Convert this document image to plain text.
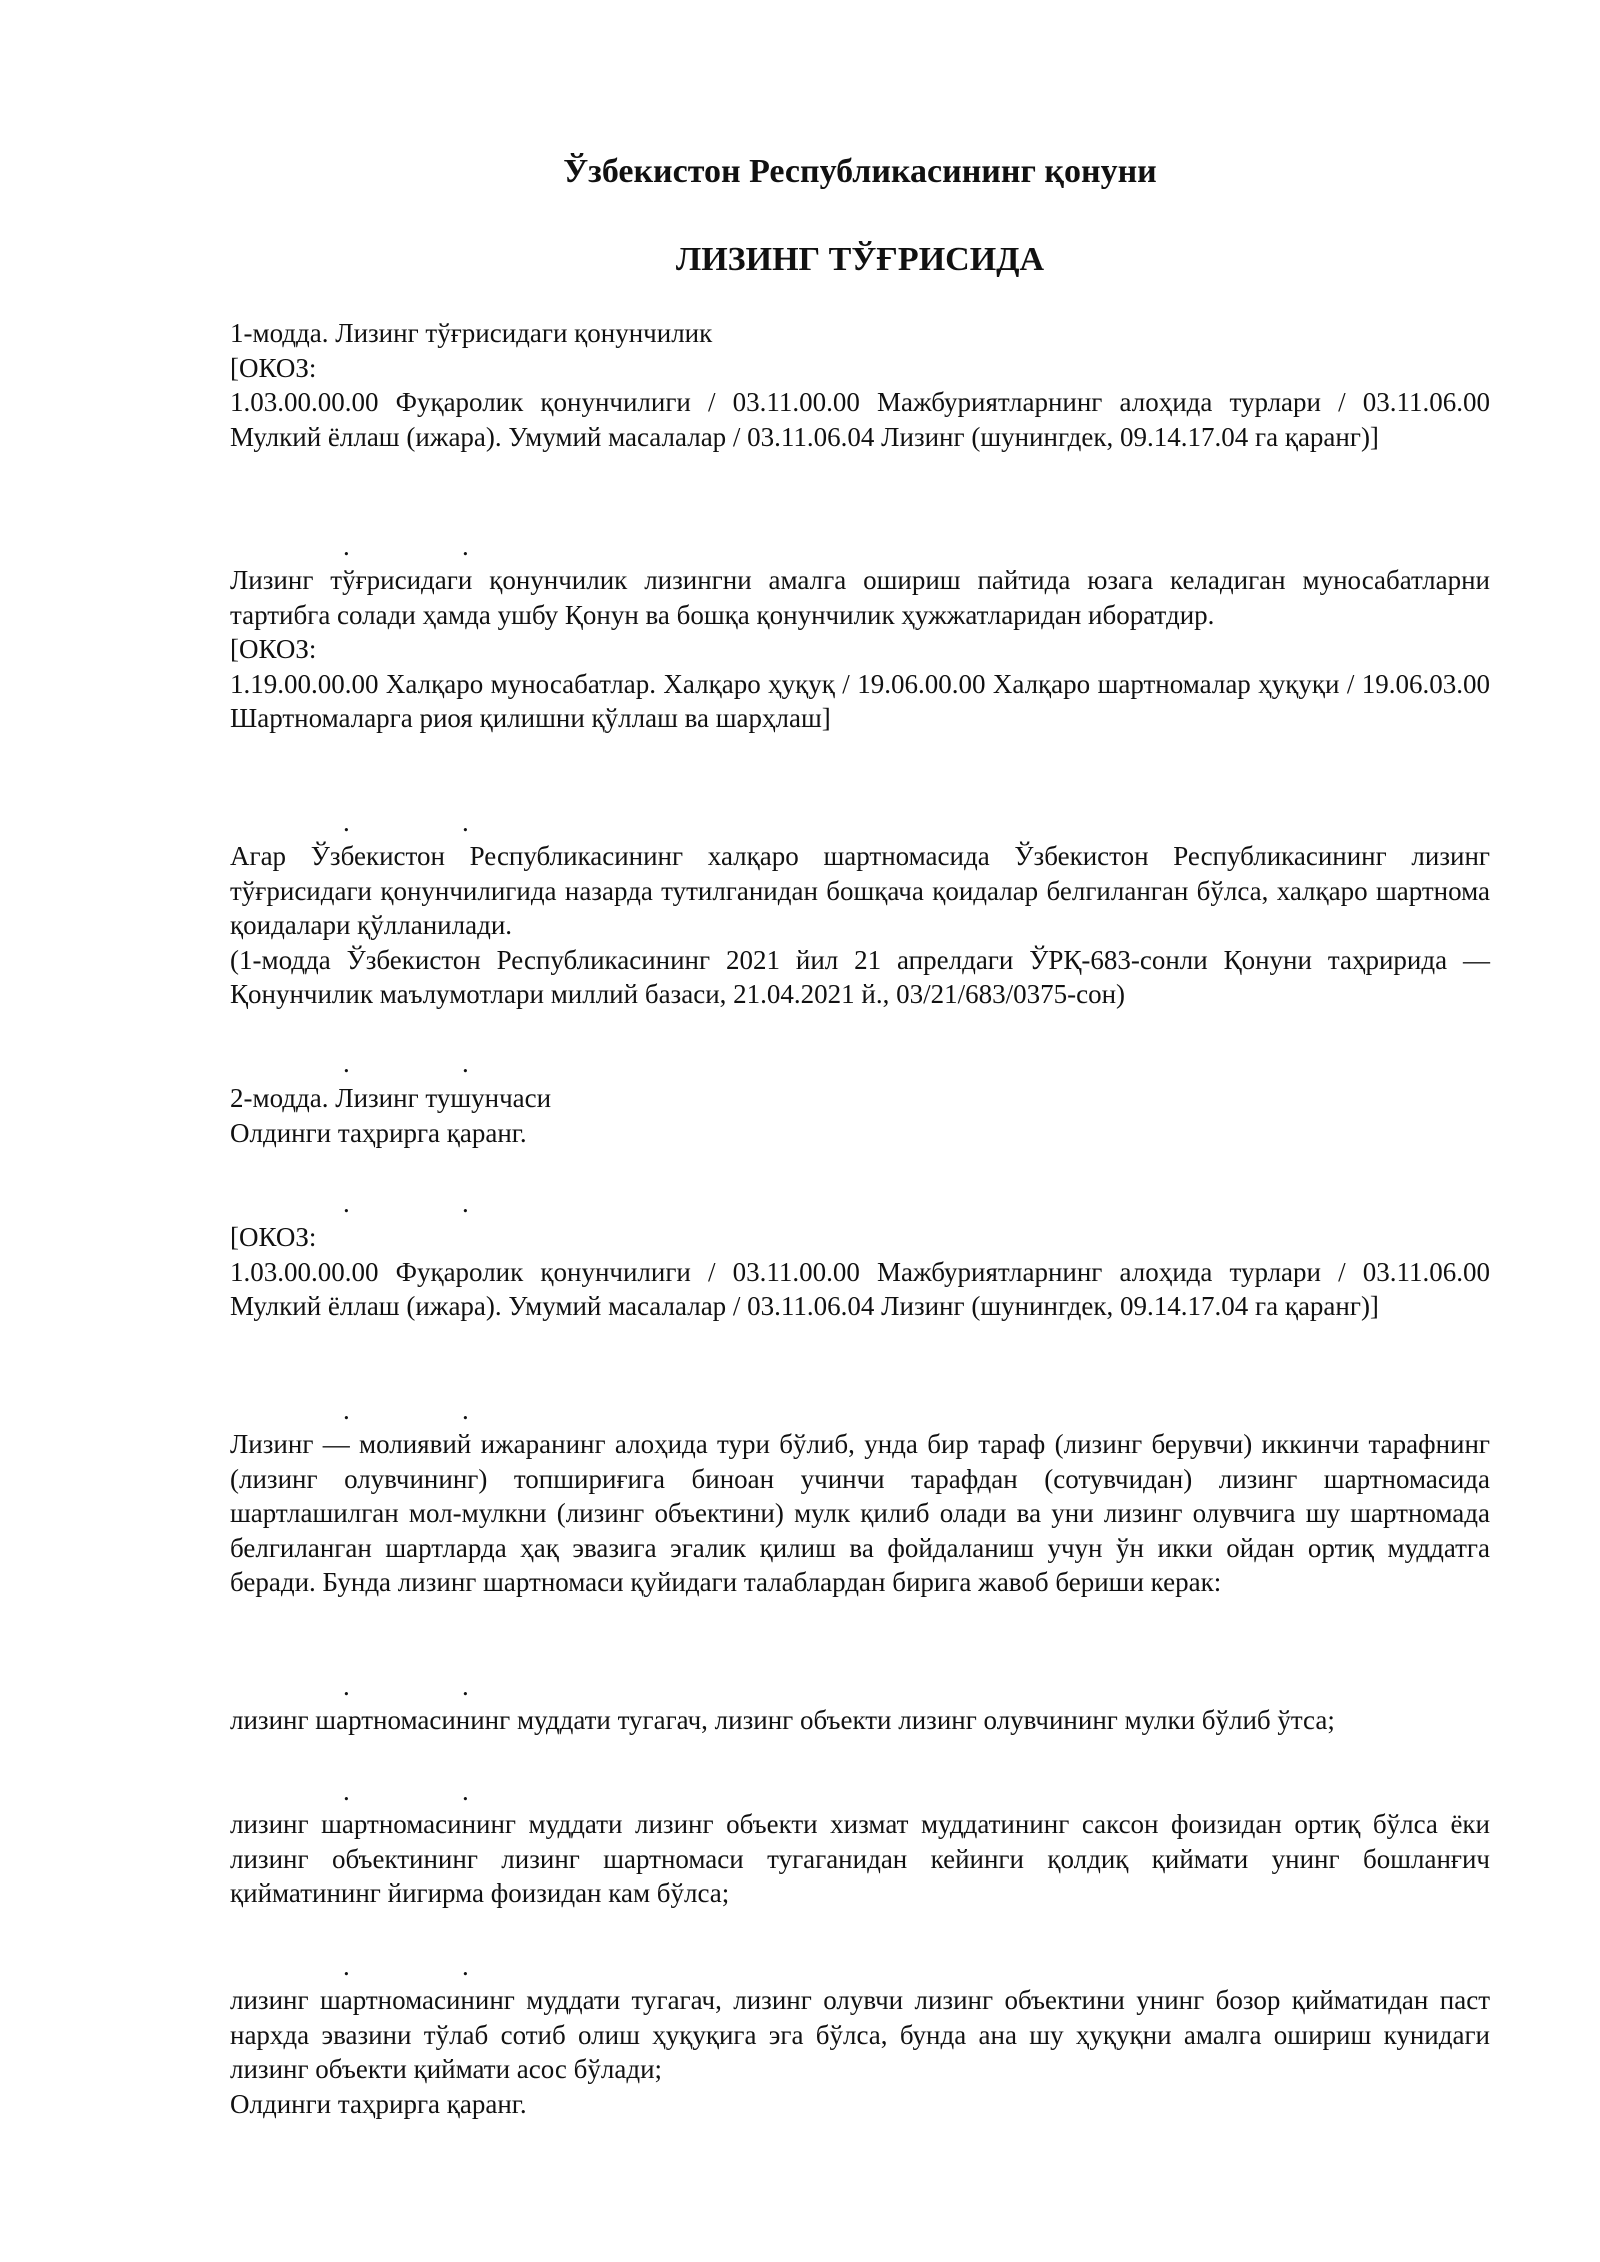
Ўзбекистон Республикасининг қонуни
ЛИЗИНГ ТЎҒРИСИДА

1-модда. Лизинг тўғрисидаги қонунчилик

[ОКОЗ:

1.03.00.00.00 Фуқаролик қонунчилиги / 03.11.00.00 Мажбуриятларнинг алоҳида турлари / 03.11.06.00 Мулкий ёллаш (ижара). Умумий масалалар / 03.11.06.04 Лизинг (шунингдек, 09.14.17.04 га қаранг)]

.	.

Лизинг тўғрисидаги қонунчилик лизингни амалга ошириш пайтида юзага келадиган муносабатларни тартибга солади ҳамда ушбу Қонун ва бошқа қонунчилик ҳужжатларидан иборатдир.

[ОКОЗ:

1.19.00.00.00 Халқаро муносабатлар. Халқаро ҳуқуқ / 19.06.00.00 Халқаро шартномалар ҳуқуқи / 19.06.03.00 Шартномаларга риоя қилишни қўллаш ва шарҳлаш]

.	.

Агар Ўзбекистон Республикасининг халқаро шартномасида Ўзбекистон Республикасининг лизинг тўғрисидаги қонунчилигида назарда тутилганидан бошқача қоидалар белгиланган бўлса, халқаро шартнома қоидалари қўлланилади.

(1-модда Ўзбекистон Республикасининг 2021 йил 21 апрелдаги ЎРҚ-683-сонли Қонуни таҳририда — Қонунчилик маълумотлари миллий базаси, 21.04.2021 й., 03/21/683/0375-сон)

.	.

2-модда. Лизинг тушунчаси

Олдинги таҳрирга қаранг.

.	.

[ОКОЗ:

1.03.00.00.00 Фуқаролик қонунчилиги / 03.11.00.00 Мажбуриятларнинг алоҳида турлари / 03.11.06.00 Мулкий ёллаш (ижара). Умумий масалалар / 03.11.06.04 Лизинг (шунингдек, 09.14.17.04 га қаранг)]

.	.

Лизинг — молиявий ижаранинг алоҳида тури бўлиб, унда бир тараф (лизинг берувчи) иккинчи тарафнинг (лизинг олувчининг) топшириғига биноан учинчи тарафдан (сотувчидан) лизинг шартномасида шартлашилган мол-мулкни (лизинг объектини) мулк қилиб олади ва уни лизинг олувчига шу шартномада белгиланган шартларда ҳақ эвазига эгалик қилиш ва фойдаланиш учун ўн икки ойдан ортиқ муддатга беради. Бунда лизинг шартномаси қуйидаги талаблардан бирига жавоб бериши керак:

.	.

лизинг шартномасининг муддати тугагач, лизинг объекти лизинг олувчининг мулки бўлиб ўтса;

.	.

лизинг шартномасининг муддати лизинг объекти хизмат муддатининг саксон фоизидан ортиқ бўлса ёки лизинг объектининг лизинг шартномаси тугаганидан кейинги қолдиқ қиймати унинг бошланғич қийматининг йигирма фоизидан кам бўлса;

.	.

лизинг шартномасининг муддати тугагач, лизинг олувчи лизинг объектини унинг бозор қийматидан паст нархда эвазини тўлаб сотиб олиш ҳуқуқига эга бўлса, бунда ана шу ҳуқуқни амалга ошириш кунидаги лизинг объекти қиймати асос бўлади;

Олдинги таҳрирга қаранг.
